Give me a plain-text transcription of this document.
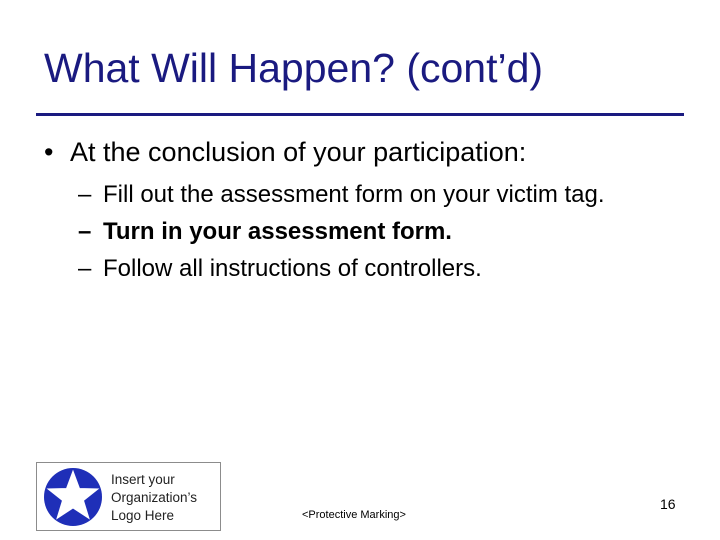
What Will Happen? (cont’d)
• At the conclusion of your participation:
– Fill out the assessment form on your victim tag.
– Turn in your assessment form.
– Follow all instructions of controllers.
Insert your
Organization’s
Logo Here	<Protective Marking>
16
